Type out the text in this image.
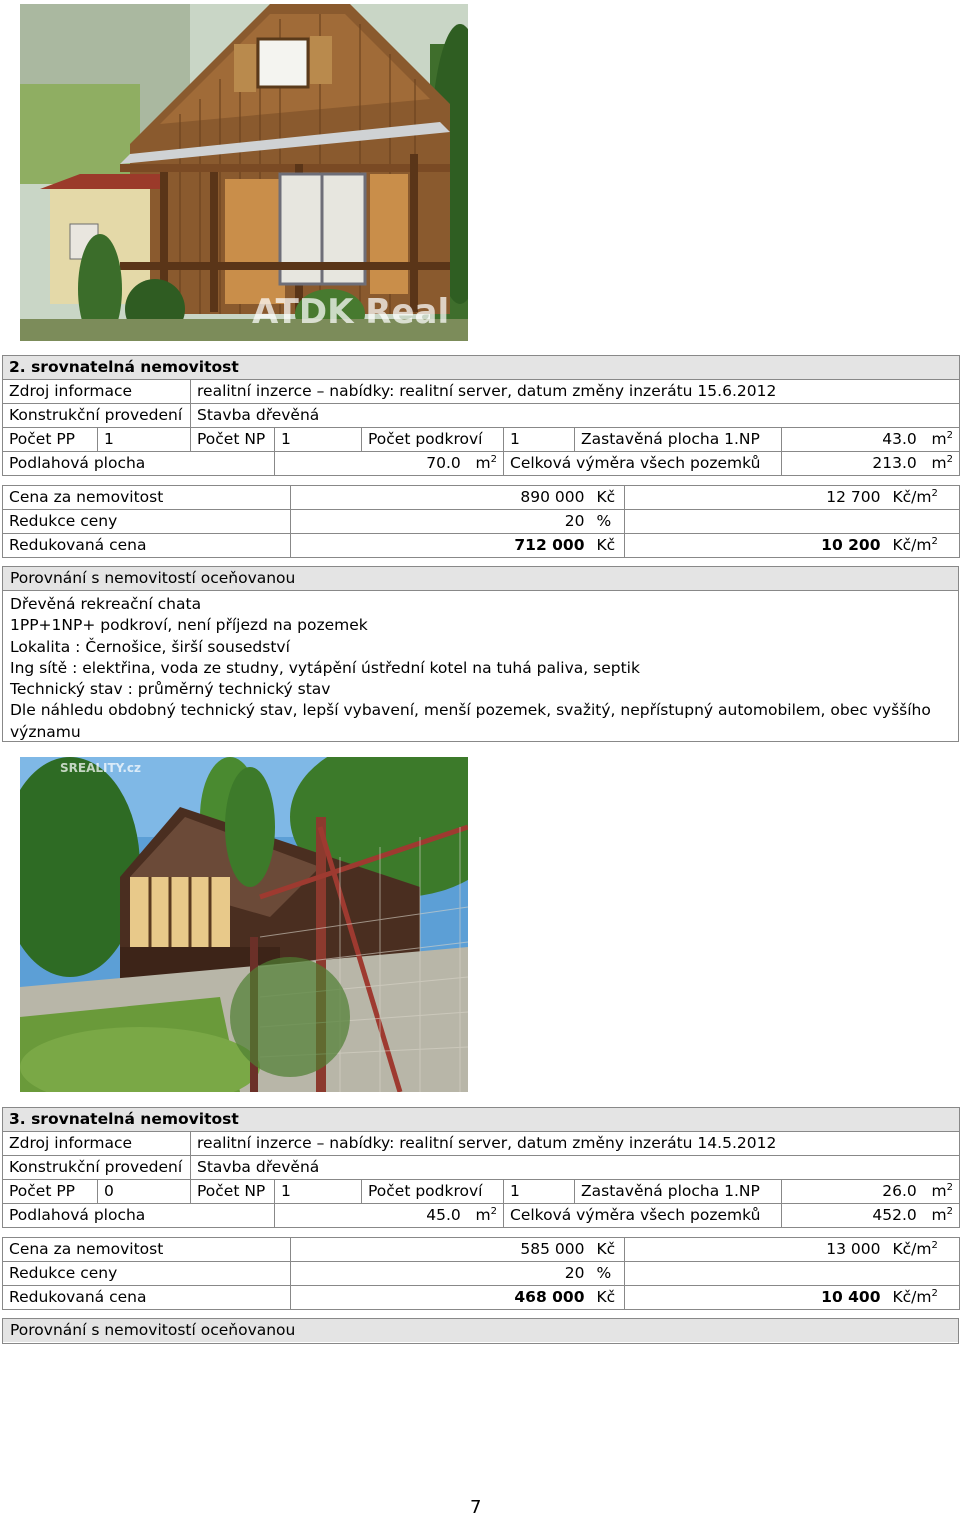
ATDK Real
2. srovnatelná nemovitost							
Zdroj informace		realitní inzerce – nabídky: realitní server, datum změny inzerátu 15.6.2012					
Konstrukční provedení		Stavba dřevěná					
Počet PP	1	Počet NP	1	Počet podkroví	1	Zastavěná plocha 1.NP	43.0 $m^2$
Podlahová plocha			70.0 $m^2$		Celková výměra všech pozemků		213.0 $m^2$
Cena za nemovitost	890 000	Kč	12 700	$Kč/m^2$
Redukce ceny	20	%		
Redukovaná cena	712 000	Kč	10 200	$Kč/m^2$
Porovnání s nemovitostí oceňovanou
Dřevěná rekreační chata
1PP+1NP+ podkroví, není příjezd na pozemek
Lokalita : Černošice, širší sousedství
Ing sítě : elektřina, voda ze studny, vytápění ústřední kotel na tuhá paliva, septik
Technický stav : průměrný technický stav
Dle náhledu obdobný technický stav, lepší vybavení, menší pozemek, svažitý, nepřístupný automobilem, obec vyššího
významu
SREALITY.cz
3. srovnatelná nemovitost							
Zdroj informace		realitní inzerce – nabídky: realitní server, datum změny inzerátu 14.5.2012					
Konstrukční provedení		Stavba dřevěná					
Počet PP	0	Počet NP	1	Počet podkroví	1	Zastavěná plocha 1.NP	26.0 $m^2$
Podlahová plocha			45.0 $m^2$		Celková výměra všech pozemků		452.0 $m^2$
Cena za nemovitost	585 000	Kč	13 000	$Kč/m^2$
Redukce ceny	20	%		
Redukovaná cena	468 000	Kč	10 400	$Kč/m^2$
Porovnání s nemovitostí oceňovanou
7
